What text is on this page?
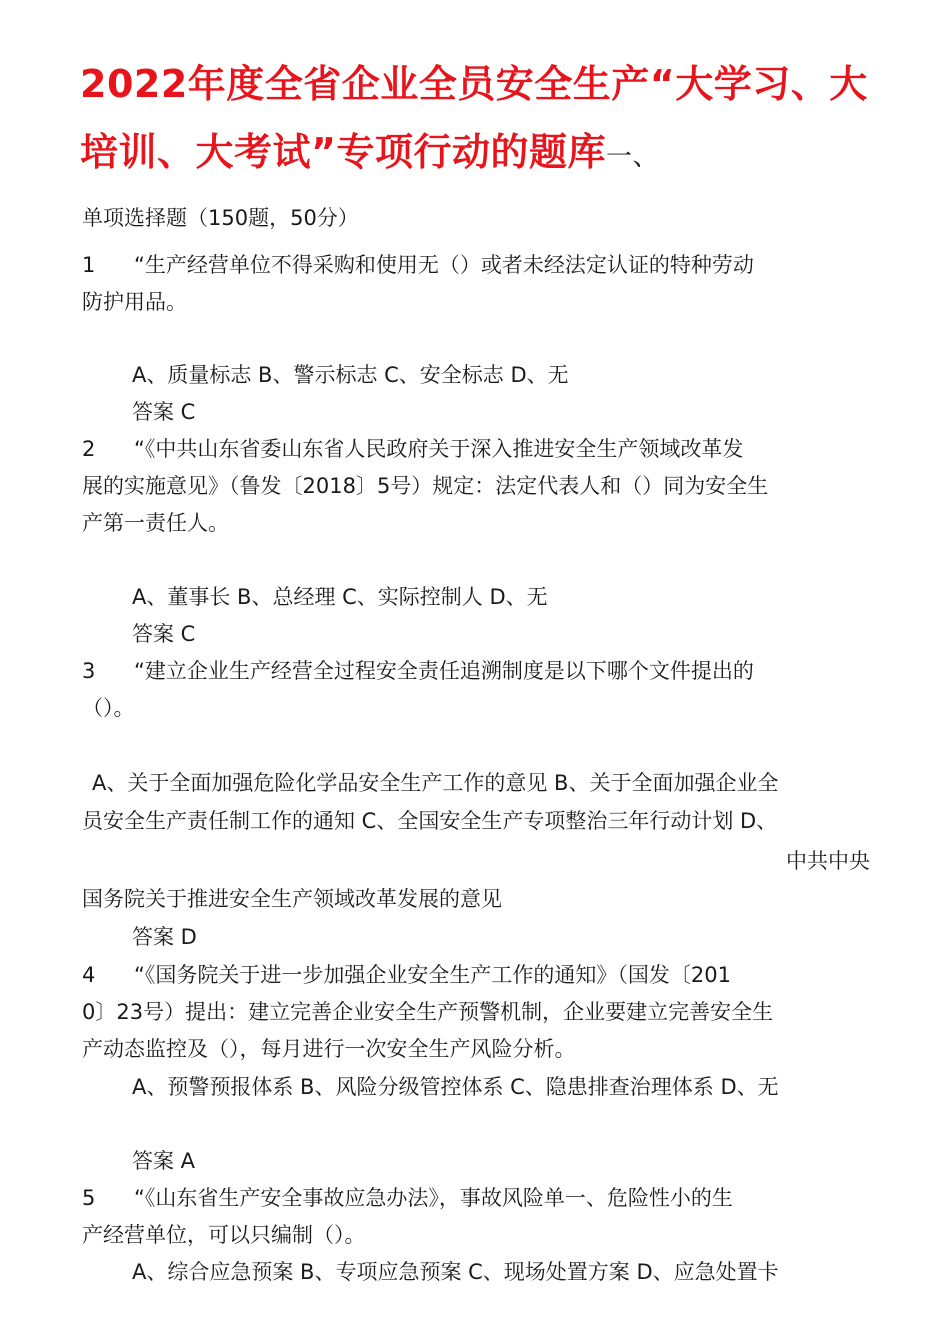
2022年度全省企业全员安全生产“大学习、大培训、大考试”专项行动的题库一、
单项选择题（150题，50分）
1 “生产经营单位不得采购和使用无（）或者未经法定认证的特种劳动
防护用品。
A、质量标志 B、警示标志 C、安全标志 D、无
答案 C
2 “《中共山东省委山东省人民政府关于深入推进安全生产领域改革发
展的实施意见》（鲁发〔2018〕5号）规定：法定代表人和（）同为安全生
产第一责任人。
A、董事长 B、总经理 C、实际控制人 D、无
答案 C
3 “建立企业生产经营全过程安全责任追溯制度是以下哪个文件提出的
（）。
A、关于全面加强危险化学品安全生产工作的意见 B、关于全面加强企业全
员安全生产责任制工作的通知 C、全国安全生产专项整治三年行动计划 D、
中共中央
国务院关于推进安全生产领域改革发展的意见
答案 D
4 “《国务院关于进一步加强企业安全生产工作的通知》（国发〔201
0〕23号）提出：建立完善企业安全生产预警机制，企业要建立完善安全生
产动态监控及（），每月进行一次安全生产风险分析。
A、预警预报体系 B、风险分级管控体系 C、隐患排查治理体系 D、无
答案 A
5 “《山东省生产安全事故应急办法》，事故风险单一、危险性小的生
产经营单位，可以只编制（）。
A、综合应急预案 B、专项应急预案 C、现场处置方案 D、应急处置卡
